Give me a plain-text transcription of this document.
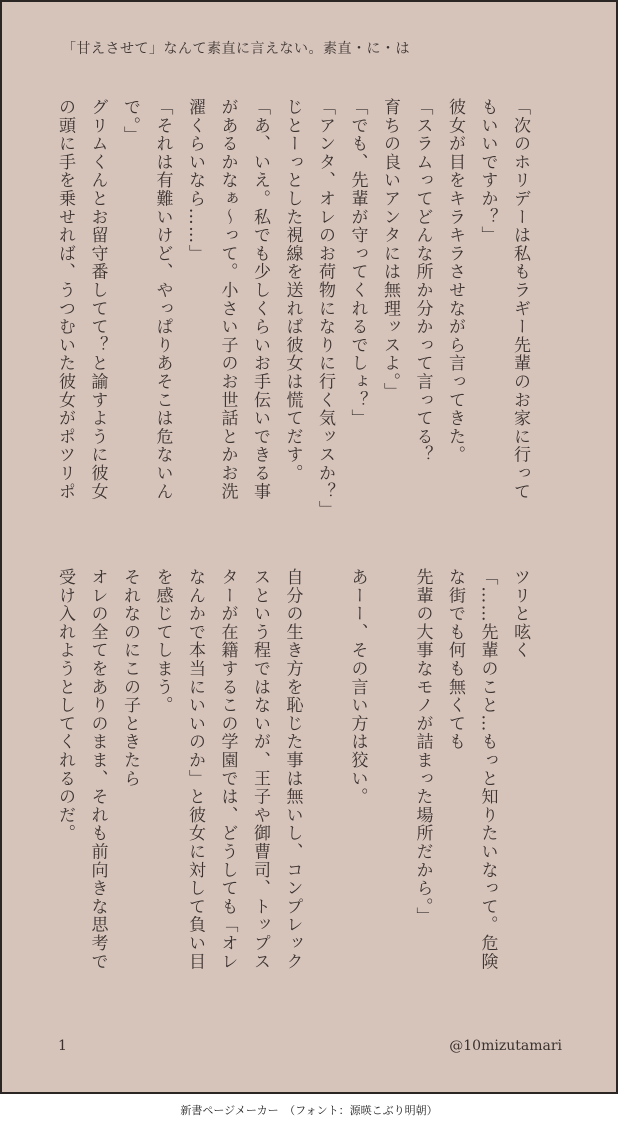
「甘えさせて」なんて素直に言えない。素直・に・は
「次のホリデーは私もラギー先輩のお家に行って
もいいですか？」
彼女が目をキラキラさせながら言ってきた。
「スラムってどんな所か分かって言ってる？
育ちの良いアンタには無理ッスよ。」
「でも、先輩が守ってくれるでしょ？」
「アンタ、オレのお荷物になりに行く気ッスか？」
じとーっとした視線を送れば彼女は慌てだす。
「あ、いえ。私でも少しくらいお手伝いできる事
があるかなぁ〜って。小さい子のお世話とかお洗
濯くらいなら……」
「それは有難いけど、やっぱりあそこは危ないん
で。」
グリムくんとお留守番してて？と諭すように彼女
の頭に手を乗せれば、うつむいた彼女がポツリポ
ツリと呟く
「……先輩のこと…もっと知りたいなって。危険
な街でも何も無くても
先輩の大事なモノが詰まった場所だから。」

あーー、その言い方は狡い。

自分の生き方を恥じた事は無いし、コンプレック
スという程ではないが、王子や御曹司、トップス
ターが在籍するこの学園では、どうしても「オレ
なんかで本当にいいのか」と彼女に対して負い目
を感じてしまう。
それなのにこの子ときたら
オレの全てをありのまま、それも前向きな思考で
受け入れようとしてくれるのだ。
1	@10mizutamari
新書ページメーカー　（フォント：源暎こぶり明朝）
